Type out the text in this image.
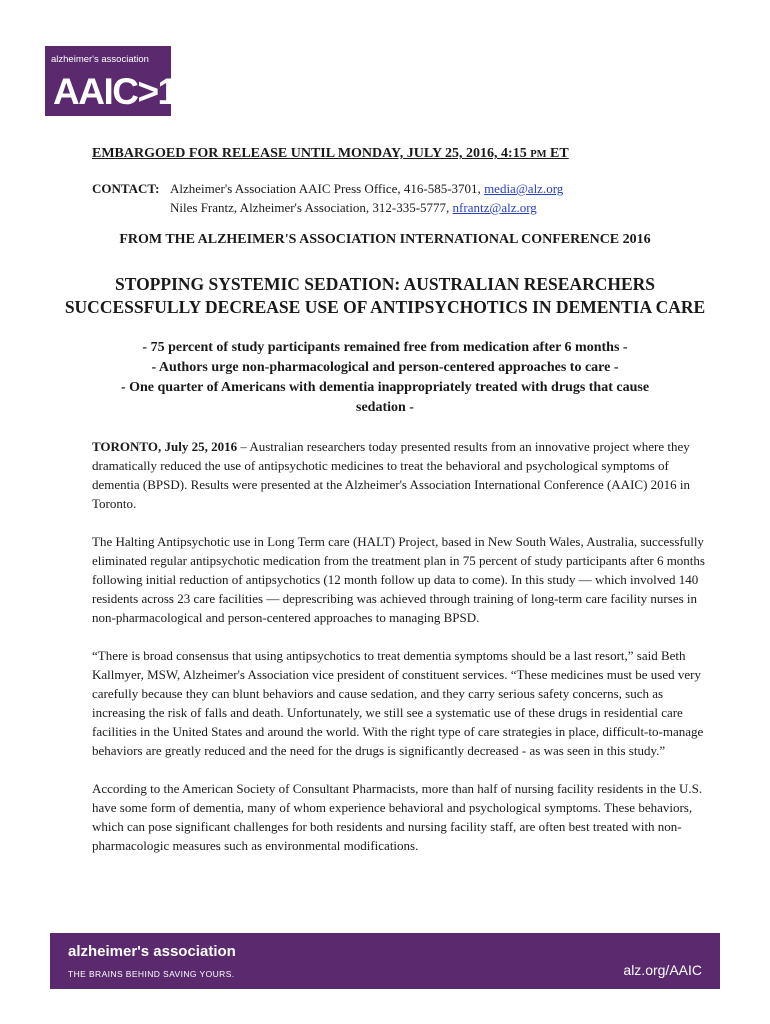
alzheimer's association
AAIC>16
EMBARGOED FOR RELEASE UNTIL MONDAY, JULY 25, 2016, 4:15 PM ET
CONTACT: Alzheimer's Association AAIC Press Office, 416-585-3701, media@alz.org
Niles Frantz, Alzheimer's Association, 312-335-5777, nfrantz@alz.org
FROM THE ALZHEIMER'S ASSOCIATION INTERNATIONAL CONFERENCE 2016
STOPPING SYSTEMIC SEDATION: AUSTRALIAN RESEARCHERS
SUCCESSFULLY DECREASE USE OF ANTIPSYCHOTICS IN DEMENTIA CARE
- 75 percent of study participants remained free from medication after 6 months -
- Authors urge non-pharmacological and person-centered approaches to care -
- One quarter of Americans with dementia inappropriately treated with drugs that cause
sedation -

TORONTO, July 25, 2016 – Australian researchers today presented results from an innovative project where they dramatically reduced the use of antipsychotic medicines to treat the behavioral and psychological symptoms of dementia (BPSD). Results were presented at the Alzheimer's Association International Conference (AAIC) 2016 in Toronto.

The Halting Antipsychotic use in Long Term care (HALT) Project, based in New South Wales, Australia, successfully eliminated regular antipsychotic medication from the treatment plan in 75 percent of study participants after 6 months following initial reduction of antipsychotics (12 month follow up data to come). In this study — which involved 140 residents across 23 care facilities — deprescribing was achieved through training of long-term care facility nurses in non-pharmacological and person-centered approaches to managing BPSD.

“There is broad consensus that using antipsychotics to treat dementia symptoms should be a last resort,” said Beth Kallmyer, MSW, Alzheimer's Association vice president of constituent services. “These medicines must be used very carefully because they can blunt behaviors and cause sedation, and they carry serious safety concerns, such as increasing the risk of falls and death. Unfortunately, we still see a systematic use of these drugs in residential care facilities in the United States and around the world. With the right type of care strategies in place, difficult-to-manage behaviors are greatly reduced and the need for the drugs is significantly decreased - as was seen in this study.”

According to the American Society of Consultant Pharmacists, more than half of nursing facility residents in the U.S. have some form of dementia, many of whom experience behavioral and psychological symptoms. These behaviors, which can pose significant challenges for both residents and nursing facility staff, are often best treated with non-pharmacologic measures such as environmental modifications.

alzheimer's association
THE BRAINS BEHIND SAVING YOURS.	alz.org/AAIC
